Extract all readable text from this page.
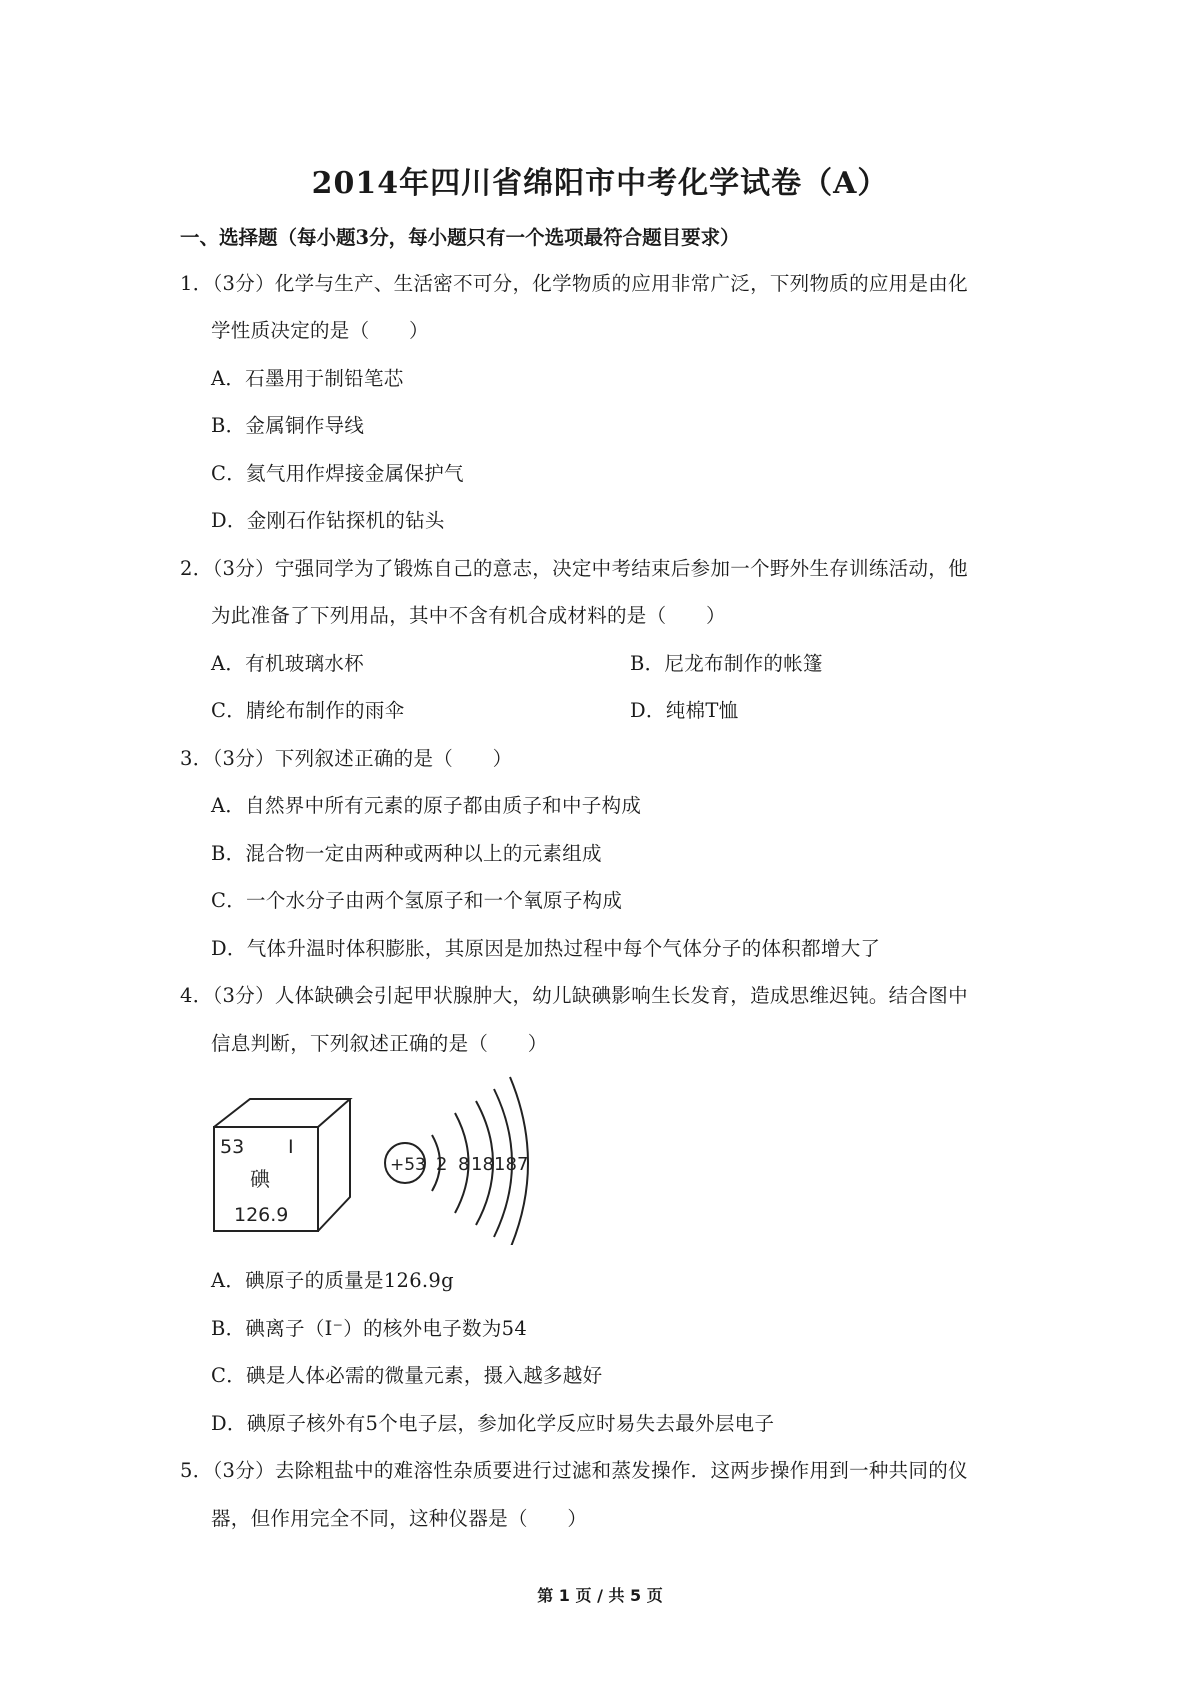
2014年四川省绵阳市中考化学试卷（A）
一、选择题（每小题3分，每小题只有一个选项最符合题目要求）
1．（3分）化学与生产、生活密不可分，化学物质的应用非常广泛，下列物质的应用是由化
学性质决定的是（　　）
A．石墨用于制铅笔芯
B．金属铜作导线
C．氦气用作焊接金属保护气
D．金刚石作钻探机的钻头
2．（3分）宁强同学为了锻炼自己的意志，决定中考结束后参加一个野外生存训练活动，他
为此准备了下列用品，其中不含有机合成材料的是（　　）
A．有机玻璃水杯	B．尼龙布制作的帐篷
C．腈纶布制作的雨伞	D．纯棉T恤
3．（3分）下列叙述正确的是（　　）
A．自然界中所有元素的原子都由质子和中子构成
B．混合物一定由两种或两种以上的元素组成
C．一个水分子由两个氢原子和一个氧原子构成
D．气体升温时体积膨胀，其原因是加热过程中每个气体分子的体积都增大了
4．（3分）人体缺碘会引起甲状腺肿大，幼儿缺碘影响生长发育，造成思维迟钝。结合图中
信息判断，下列叙述正确的是（　　）
53 I
碘
126.9
+53 2 8 18 18 7
A．碘原子的质量是126.9g
B．碘离子（I⁻）的核外电子数为54
C．碘是人体必需的微量元素，摄入越多越好
D．碘原子核外有5个电子层，参加化学反应时易失去最外层电子
5．（3分）去除粗盐中的难溶性杂质要进行过滤和蒸发操作．这两步操作用到一种共同的仪
器，但作用完全不同，这种仪器是（　　）
第 1 页 / 共 5 页
